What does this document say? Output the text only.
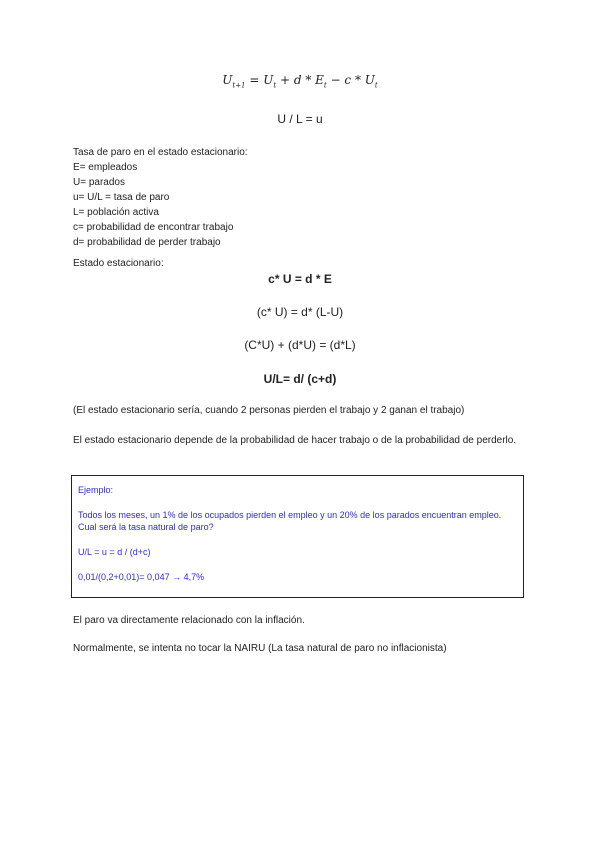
$U_{t+1} = U_t + d * E_t - c * U_t$
U / L = u
Tasa de paro en el estado estacionario:
E= empleados
U= parados
u= U/L = tasa de paro
L= población activa
c= probabilidad de encontrar trabajo
d= probabilidad de perder trabajo
Estado estacionario:
c* U = d * E
(c* U) = d* (L-U)
(C*U) + (d*U) = (d*L)
U/L= d/ (c+d)
(El estado estacionario sería, cuando 2 personas pierden el trabajo y 2 ganan el trabajo)
El estado estacionario depende de la probabilidad de hacer trabajo o de la probabilidad de perderlo.

Ejemplo:

Todos los meses, un 1% de los ocupados pierden el empleo y un 20% de los parados encuentran empleo. Cual será la tasa natural de paro?

U/L = u = d / (d+c)

0,01/(0,2+0,01)= 0,047 → 4,7%

El paro va directamente relacionado con la inflación.
Normalmente, se intenta no tocar la NAIRU (La tasa natural de paro no inflacionista)
